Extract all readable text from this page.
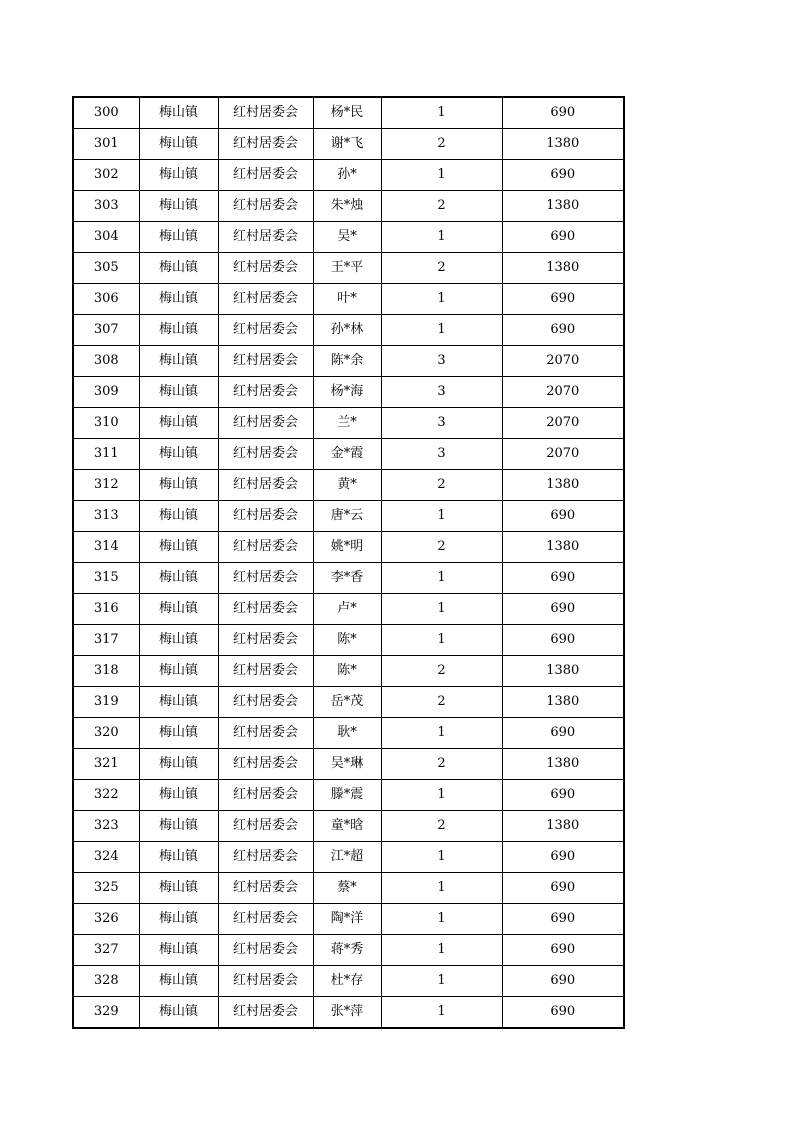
300	梅山镇	红村居委会	杨*民	1	690
301	梅山镇	红村居委会	谢*飞	2	1380
302	梅山镇	红村居委会	孙*	1	690
303	梅山镇	红村居委会	朱*烛	2	1380
304	梅山镇	红村居委会	吴*	1	690
305	梅山镇	红村居委会	王*平	2	1380
306	梅山镇	红村居委会	叶*	1	690
307	梅山镇	红村居委会	孙*林	1	690
308	梅山镇	红村居委会	陈*余	3	2070
309	梅山镇	红村居委会	杨*海	3	2070
310	梅山镇	红村居委会	兰*	3	2070
311	梅山镇	红村居委会	金*霞	3	2070
312	梅山镇	红村居委会	黄*	2	1380
313	梅山镇	红村居委会	唐*云	1	690
314	梅山镇	红村居委会	姚*明	2	1380
315	梅山镇	红村居委会	李*香	1	690
316	梅山镇	红村居委会	卢*	1	690
317	梅山镇	红村居委会	陈*	1	690
318	梅山镇	红村居委会	陈*	2	1380
319	梅山镇	红村居委会	岳*茂	2	1380
320	梅山镇	红村居委会	耿*	1	690
321	梅山镇	红村居委会	吴*琳	2	1380
322	梅山镇	红村居委会	滕*震	1	690
323	梅山镇	红村居委会	童*晗	2	1380
324	梅山镇	红村居委会	江*超	1	690
325	梅山镇	红村居委会	蔡*	1	690
326	梅山镇	红村居委会	陶*洋	1	690
327	梅山镇	红村居委会	蒋*秀	1	690
328	梅山镇	红村居委会	杜*存	1	690
329	梅山镇	红村居委会	张*萍	1	690
